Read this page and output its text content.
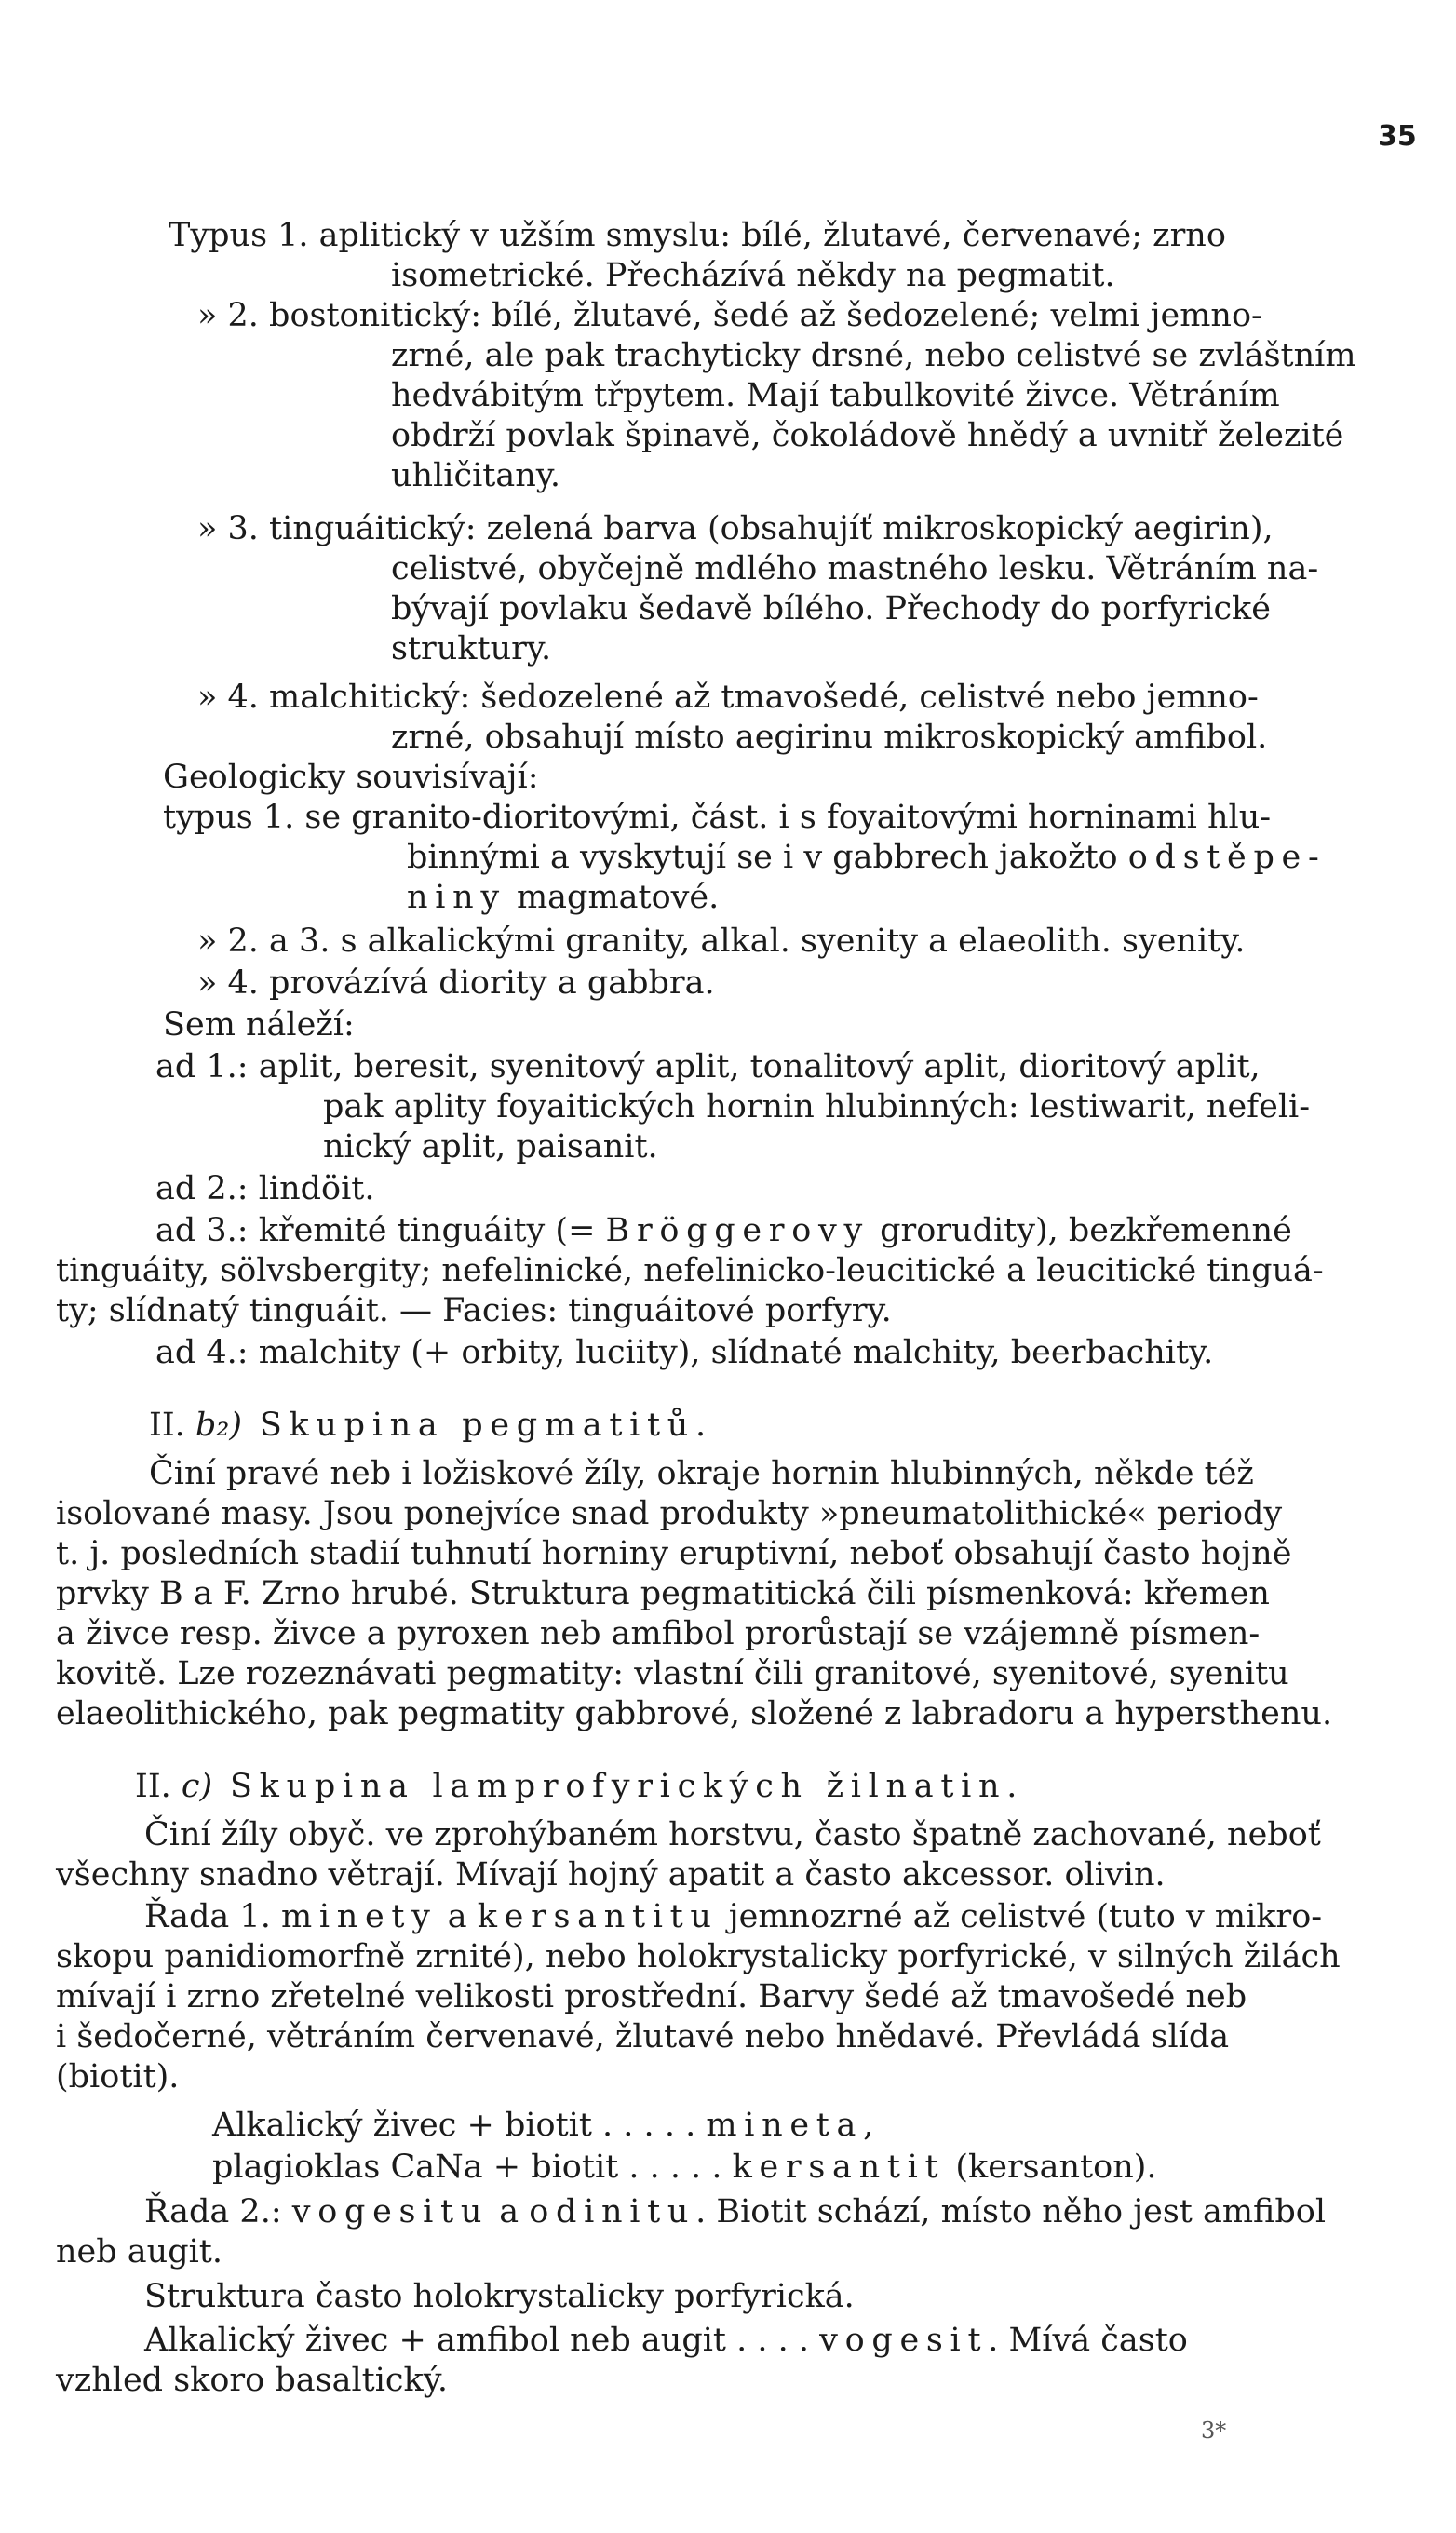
35
Typus 1. aplitický v užším smyslu: bílé, žlutavé, červenavé; zrno
isometrické. Přecházívá někdy na pegmatit.
» 2. bostonitický: bílé, žlutavé, šedé až šedozelené; velmi jemno-
zrné, ale pak trachyticky drsné, nebo celistvé se zvláštním
hedvábitým třpytem. Mají tabulkovité živce. Větráním
obdrží povlak špinavě, čokoládově hnědý a uvnitř železité
uhličitany.
» 3. tinguáitický: zelená barva (obsahujíť mikroskopický aegirin),
celistvé, obyčejně mdlého mastného lesku. Větráním na-
bývají povlaku šedavě bílého. Přechody do porfyrické
struktury.
» 4. malchitický: šedozelené až tmavošedé, celistvé nebo jemno-
zrné, obsahují místo aegirinu mikroskopický amfibol.
Geologicky souvisívají:
typus 1. se granito-dioritovými, část. i s foyaitovými horninami hlu-
binnými a vyskytují se i v gabbrech jakožto odstěpe-
niny magmatové.
» 2. a 3. s alkalickými granity, alkal. syenity a elaeolith. syenity.
» 4. provázívá diority a gabbra.
Sem náleží:
ad 1.: aplit, beresit, syenitový aplit, tonalitový aplit, dioritový aplit,
pak aplity foyaitických hornin hlubinných: lestiwarit, nefeli-
nický aplit, paisanit.
ad 2.: lindöit.
ad 3.: křemité tinguáity (= Bröggerovy grorudity), bezkřemenné
tinguáity, sölvsbergity; nefelinické, nefelinicko-leucitické a leucitické tinguá-
ty; slídnatý tinguáit. — Facies: tinguáitové porfyry.
ad 4.: malchity (+ orbity, luciity), slídnaté malchity, beerbachity.
II. b₂) Skupina pegmatitů.
Činí pravé neb i ložiskové žíly, okraje hornin hlubinných, někde též
isolované masy. Jsou ponejvíce snad produkty »pneumatolithické« periody
t. j. posledních stadií tuhnutí horniny eruptivní, neboť obsahují často hojně
prvky B a F. Zrno hrubé. Struktura pegmatitická čili písmenková: křemen
a živce resp. živce a pyroxen neb amfibol prorůstají se vzájemně písmen-
kovitě. Lze rozeznávati pegmatity: vlastní čili granitové, syenitové, syenitu
elaeolithického, pak pegmatity gabbrové, složené z labradoru a hypersthenu.
II. c) Skupina lamprofyrických žilnatin.
Činí žíly obyč. ve zprohýbaném horstvu, často špatně zachované, neboť
všechny snadno větrají. Mívají hojný apatit a často akcessor. olivin.
Řada 1. minety a kersantitu jemnozrné až celistvé (tuto v mikro-
skopu panidiomorfně zrnité), nebo holokrystalicky porfyrické, v silných žilách
mívají i zrno zřetelné velikosti prostřední. Barvy šedé až tmavošedé neb
i šedočerné, větráním červenavé, žlutavé nebo hnědavé. Převládá slída
(biotit).
Alkalický živec + biotit . . . . . mineta,
plagioklas CaNa + biotit . . . . . kersantit (kersanton).
Řada 2.: vogesitu a odinitu. Biotit schází, místo něho jest amfibol
neb augit.
Struktura často holokrystalicky porfyrická.
Alkalický živec + amfibol neb augit . . . . vogesit. Mívá často
vzhled skoro basaltický.
3*
